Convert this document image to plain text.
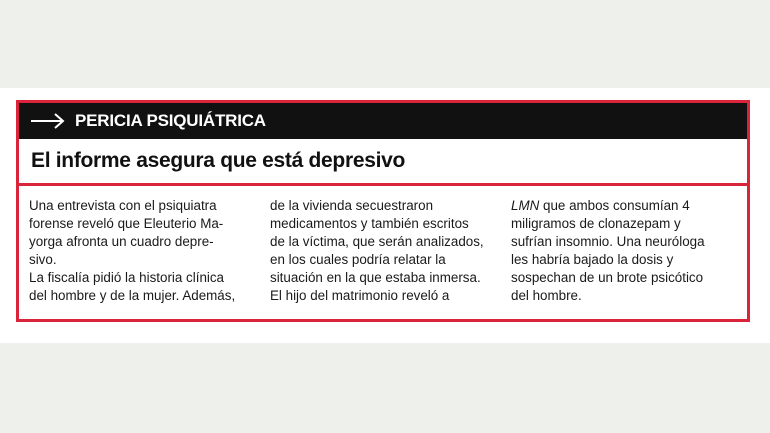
PERICIA PSIQUIÁTRICA
El informe asegura que está depresivo
Una entrevista con el psiquiatra
forense reveló que Eleuterio Ma-
yorga afronta un cuadro depre-
sivo.
La fiscalía pidió la historia clínica
del hombre y de la mujer. Además,
de la vivienda secuestraron
medicamentos y también escritos
de la víctima, que serán analizados,
en los cuales podría relatar la
situación en la que estaba inmersa.
El hijo del matrimonio reveló a
LMN que ambos consumían 4
miligramos de clonazepam y
sufrían insomnio. Una neuróloga
les habría bajado la dosis y
sospechan de un brote psicótico
del hombre.
